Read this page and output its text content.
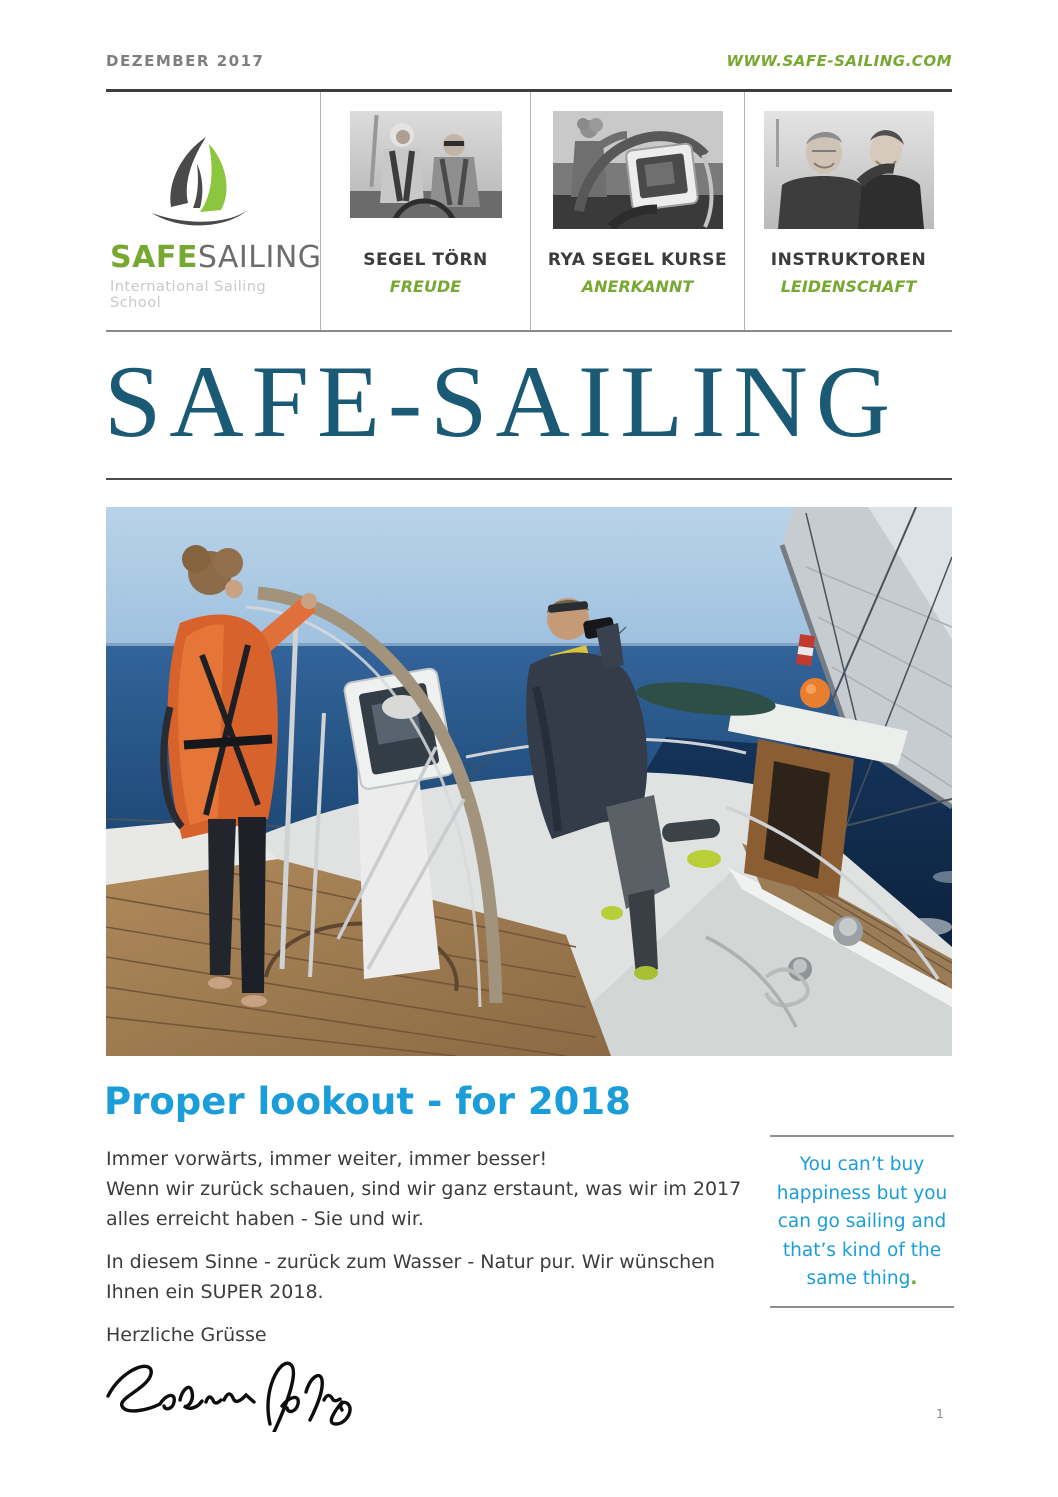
DEZEMBER 2017	WWW.SAFE-SAILING.COM
SAFESAILING
International Sailing School
SEGEL TÖRN
FREUDE
RYA SEGEL KURSE
ANERKANNT
INSTRUKTOREN
LEIDENSCHAFT
SAFE-SAILING
Proper lookout - for 2018

Immer vorwärts, immer weiter, immer besser!
Wenn wir zurück schauen, sind wir ganz erstaunt, was wir im 2017 alles erreicht haben - Sie und wir.

In diesem Sinne - zurück zum Wasser - Natur pur. Wir wünschen Ihnen ein SUPER 2018.

Herzliche Grüsse

You can’t buy
happiness but you
can go sailing and
that’s kind of the
same thing.
1
